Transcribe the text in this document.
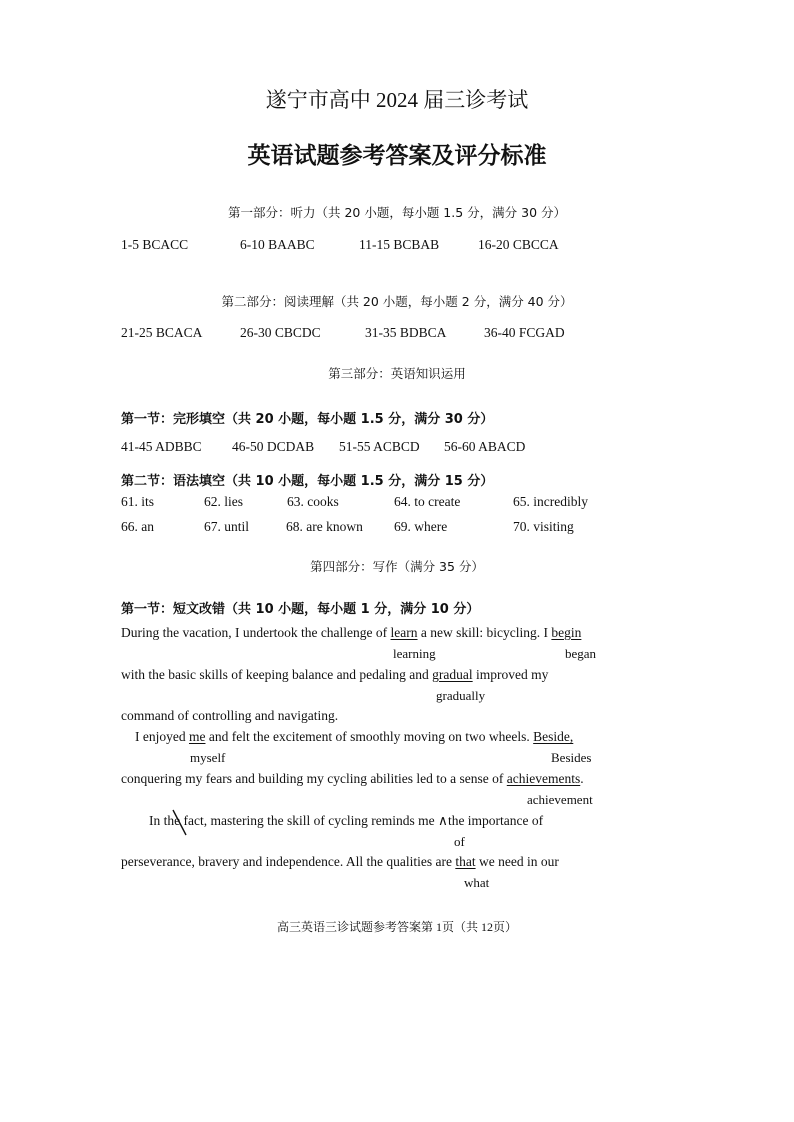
遂宁市高中 2024 届三诊考试
英语试题参考答案及评分标准
第一部分：听力（共 20 小题，每小题 1.5 分，满分 30 分）
1-5 BCACC	6-10 BAABC	11-15 BCBAB	16-20 CBCCA
第二部分：阅读理解（共 20 小题，每小题 2 分，满分 40 分）
21-25 BCACA	26-30 CBCDC	31-35 BDBCA	36-40 FCGAD
第三部分：英语知识运用
第一节：完形填空（共 20 小题，每小题 1.5 分，满分 30 分）
41-45 ADBBC 46-50 DCDAB 51-55 ACBCD 56-60 ABACD
第二节：语法填空（共 10 小题，每小题 1.5 分，满分 15 分）
61. its	62. lies	63. cooks	64. to create	65. incredibly
66. an	67. until	68. are known 69. where	70. visiting
第四部分：写作（满分 35 分）
第一节：短文改错（共 10 小题，每小题 1 分，满分 10 分）
During the vacation, I undertook the challenge of learn a new skill: bicycling. I begin
learning	began
with the basic skills of keeping balance and pedaling and gradual improved my
gradually
command of controlling and navigating.
I enjoyed me and felt the excitement of smoothly moving on two wheels. Beside,
myself	Besides
conquering my fears and building my cycling abilities led to a sense of achievements.
achievement
In the fact, mastering the skill of cycling reminds me ∧the importance of
of
perseverance, bravery and independence. All the qualities are that we need in our
what
高三英语三诊试题参考答案第 1页（共 12页）
